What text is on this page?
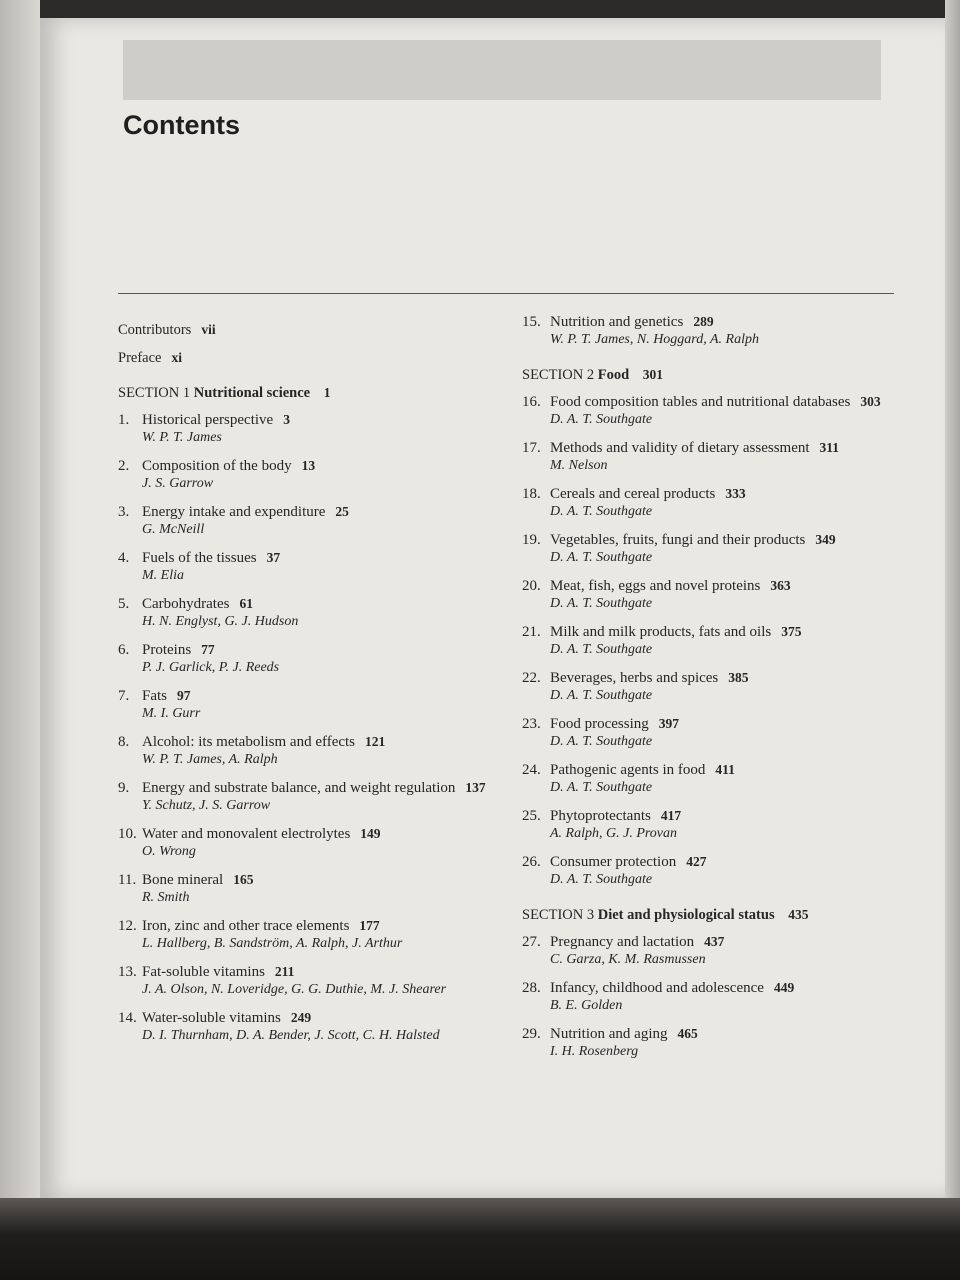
Contents
Contributors vii
Preface xi
SECTION 1 Nutritional science 1
1. Historical perspective 3
W. P. T. James
2. Composition of the body 13
J. S. Garrow
3. Energy intake and expenditure 25
G. McNeill
4. Fuels of the tissues 37
M. Elia
5. Carbohydrates 61
H. N. Englyst, G. J. Hudson
6. Proteins 77
P. J. Garlick, P. J. Reeds
7. Fats 97
M. I. Gurr
8. Alcohol: its metabolism and effects 121
W. P. T. James, A. Ralph
9. Energy and substrate balance, and weight regulation 137
Y. Schutz, J. S. Garrow
10. Water and monovalent electrolytes 149
O. Wrong
11. Bone mineral 165
R. Smith
12. Iron, zinc and other trace elements 177
L. Hallberg, B. Sandström, A. Ralph, J. Arthur
13. Fat-soluble vitamins 211
J. A. Olson, N. Loveridge, G. G. Duthie, M. J. Shearer
14. Water-soluble vitamins 249
D. I. Thurnham, D. A. Bender, J. Scott, C. H. Halsted
15. Nutrition and genetics 289
W. P. T. James, N. Hoggard, A. Ralph
SECTION 2 Food 301
16. Food composition tables and nutritional databases 303
D. A. T. Southgate
17. Methods and validity of dietary assessment 311
M. Nelson
18. Cereals and cereal products 333
D. A. T. Southgate
19. Vegetables, fruits, fungi and their products 349
D. A. T. Southgate
20. Meat, fish, eggs and novel proteins 363
D. A. T. Southgate
21. Milk and milk products, fats and oils 375
D. A. T. Southgate
22. Beverages, herbs and spices 385
D. A. T. Southgate
23. Food processing 397
D. A. T. Southgate
24. Pathogenic agents in food 411
D. A. T. Southgate
25. Phytoprotectants 417
A. Ralph, G. J. Provan
26. Consumer protection 427
D. A. T. Southgate
SECTION 3 Diet and physiological status 435
27. Pregnancy and lactation 437
C. Garza, K. M. Rasmussen
28. Infancy, childhood and adolescence 449
B. E. Golden
29. Nutrition and aging 465
I. H. Rosenberg
